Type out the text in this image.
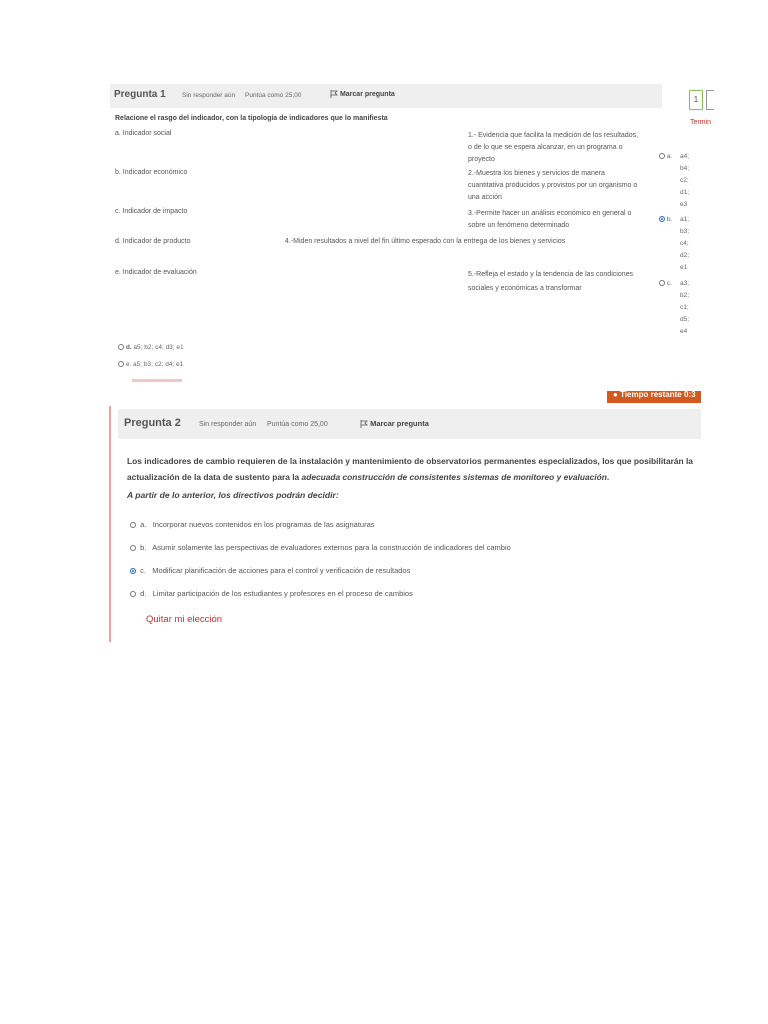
Pregunta 1	Sin responder aún Puntúa como 25,00	Marcar pregunta
Relacione el rasgo del indicador, con la tipología de indicadores que lo manifiesta
a. Indicador social
b. Indicador económico
c. Indicador de impacto
d. Indicador de producto
e. Indicador de evaluación
1.- Evidencia que facilita la medición de los resultados,
o de lo que se espera alcanzar, en un programa o
proyecto
2.-Muestra los bienes y servicios de manera
cuantitativa producidos y provistos por un organismo o
una acción
3.-Permite hacer un análisis económico en general o
sobre un fenómeno determinado
4.-Miden resultados a nivel del fin último esperado con la entrega de los bienes y servicios
5.-Refleja el estado y la tendencia de las condiciones
sociales y económicas a transformar
a. a4;
b4;
c2;
d1;
e3
b. a1;
b3;
c4;
d2;
e1
c. a3;
b2;
c1;
d5;
e4
d. a5; b2; c4; d3; e1
e. a5; b3; c2; d4; e1
1
Termin
● Tiempo restante 0:3
Pregunta 2	Sin responder aún Puntúa como 25,00	Marcar pregunta
Los indicadores de cambio requieren de la instalación y mantenimiento de observatorios permanentes especializados, los que posibilitarán la
actualización de la data de sustento para la adecuada construcción de consistentes sistemas de monitoreo y evaluación.
A partir de lo anterior, los directivos podrán decidir:
a. Incorporar nuevos contenidos en los programas de las asignaturas
b. Asumir solamente las perspectivas de evaluadores externos para la construcción de indicadores del cambio
c. Modificar planificación de acciones para el control y verificación de resultados
d. Limitar participación de los estudiantes y profesores en el proceso de cambios
Quitar mi elección
